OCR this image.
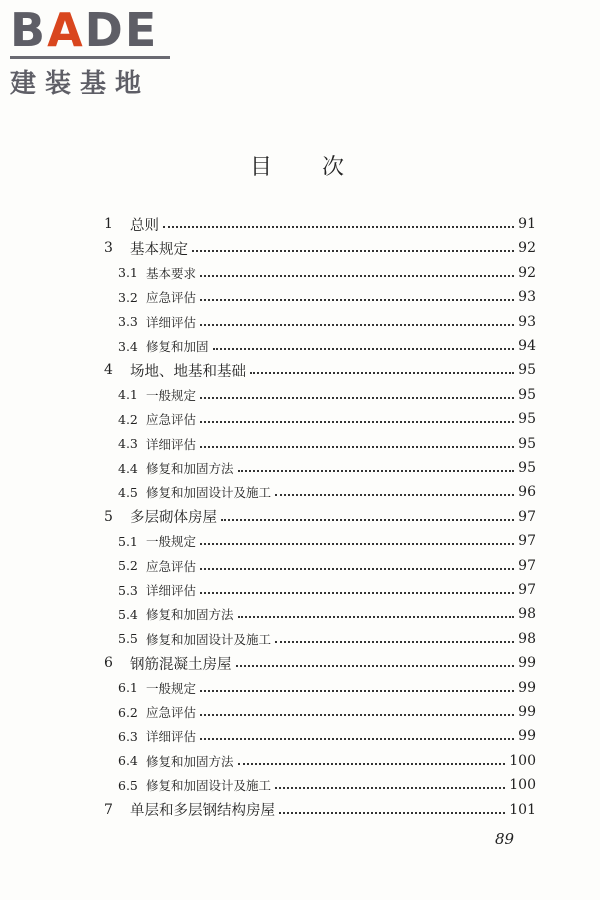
BADE
建装基地
目 次
1	总则	91
3	基本规定	92
3.1 基本要求	92
3.2 应急评估	93
3.3 详细评估	93
3.4 修复和加固	94
4	场地、地基和基础	95
4.1 一般规定	95
4.2 应急评估	95
4.3 详细评估	95
4.4 修复和加固方法	95
4.5 修复和加固设计及施工	96
5	多层砌体房屋	97
5.1 一般规定	97
5.2 应急评估	97
5.3 详细评估	97
5.4 修复和加固方法	98
5.5 修复和加固设计及施工	98
6	钢筋混凝土房屋	99
6.1 一般规定	99
6.2 应急评估	99
6.3 详细评估	99
6.4 修复和加固方法	100
6.5 修复和加固设计及施工	100
7	单层和多层钢结构房屋	101
89
